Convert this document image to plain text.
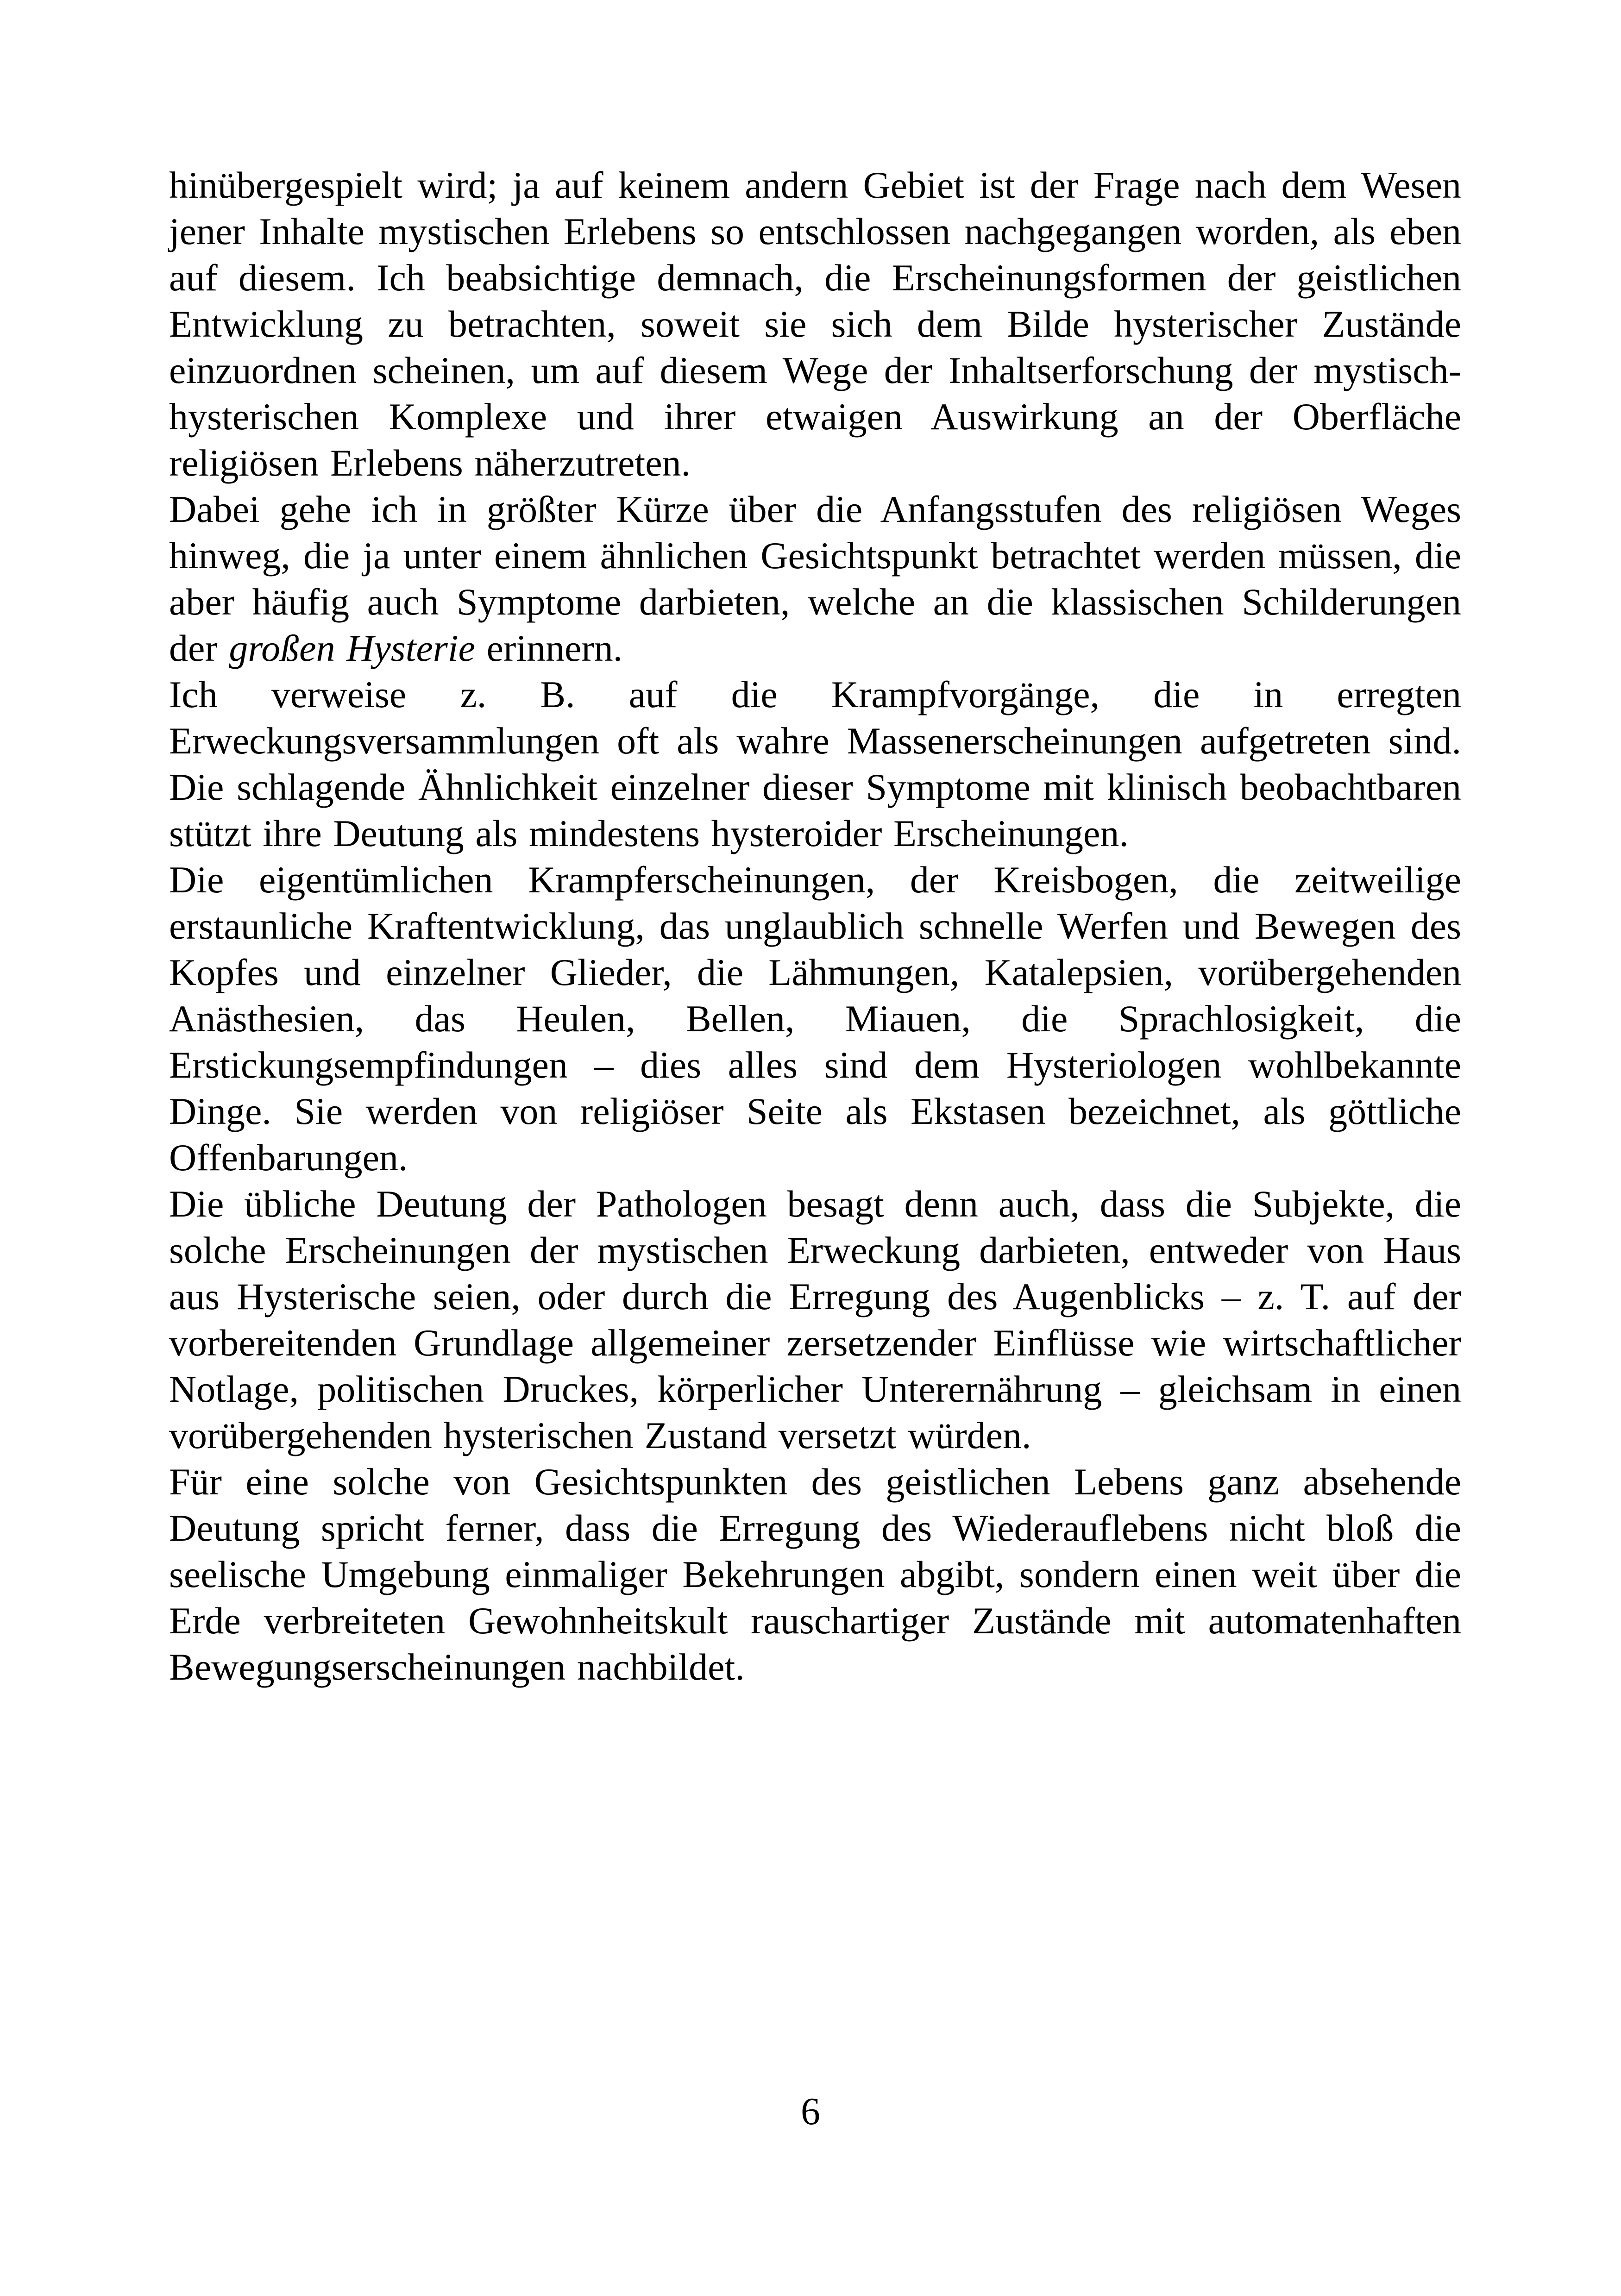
hinübergespielt wird; ja auf keinem andern Gebiet ist der Frage nach dem Wesen jener Inhalte mystischen Erlebens so entschlossen nachgegangen worden, als eben auf diesem. Ich beabsichtige demnach, die Erscheinungsformen der geistlichen Entwicklung zu betrachten, soweit sie sich dem Bilde hysterischer Zustände einzuordnen scheinen, um auf diesem Wege der Inhaltserforschung der mystisch-hysterischen Komplexe und ihrer etwaigen Auswirkung an der Oberfläche religiösen Erlebens näherzutreten.

Dabei gehe ich in größter Kürze über die Anfangsstufen des religiösen Weges hinweg, die ja unter einem ähnlichen Gesichtspunkt betrachtet werden müssen, die aber häufig auch Symptome darbieten, welche an die klassischen Schilderungen der großen Hysterie erinnern.

Ich verweise z. B. auf die Krampfvorgänge, die in erregten Erweckungsversammlungen oft als wahre Massenerscheinungen aufgetreten sind. Die schlagende Ähnlichkeit einzelner dieser Symptome mit klinisch beobachtbaren stützt ihre Deutung als mindestens hysteroider Erscheinungen.

Die eigentümlichen Krampferscheinungen, der Kreisbogen, die zeitweilige erstaunliche Kraftentwicklung, das unglaublich schnelle Werfen und Bewegen des Kopfes und einzelner Glieder, die Lähmungen, Katalepsien, vorübergehenden Anästhesien, das Heulen, Bellen, Miauen, die Sprachlosigkeit, die Erstickungsempfindungen – dies alles sind dem Hysteriologen wohlbekannte Dinge. Sie werden von religiöser Seite als Ekstasen bezeichnet, als göttliche Offenbarungen.

Die übliche Deutung der Pathologen besagt denn auch, dass die Subjekte, die solche Erscheinungen der mystischen Erweckung darbieten, entweder von Haus aus Hysterische seien, oder durch die Erregung des Augenblicks – z. T. auf der vorbereitenden Grundlage allgemeiner zersetzender Einflüsse wie wirtschaftlicher Notlage, politischen Druckes, körperlicher Unterernährung – gleichsam in einen vorübergehenden hysterischen Zustand versetzt würden.

Für eine solche von Gesichtspunkten des geistlichen Lebens ganz absehende Deutung spricht ferner, dass die Erregung des Wiederauflebens nicht bloß die seelische Umgebung einmaliger Bekehrungen abgibt, sondern einen weit über die Erde verbreiteten Gewohnheitskult rauschartiger Zustände mit automatenhaften Bewegungserscheinungen nachbildet.

6
